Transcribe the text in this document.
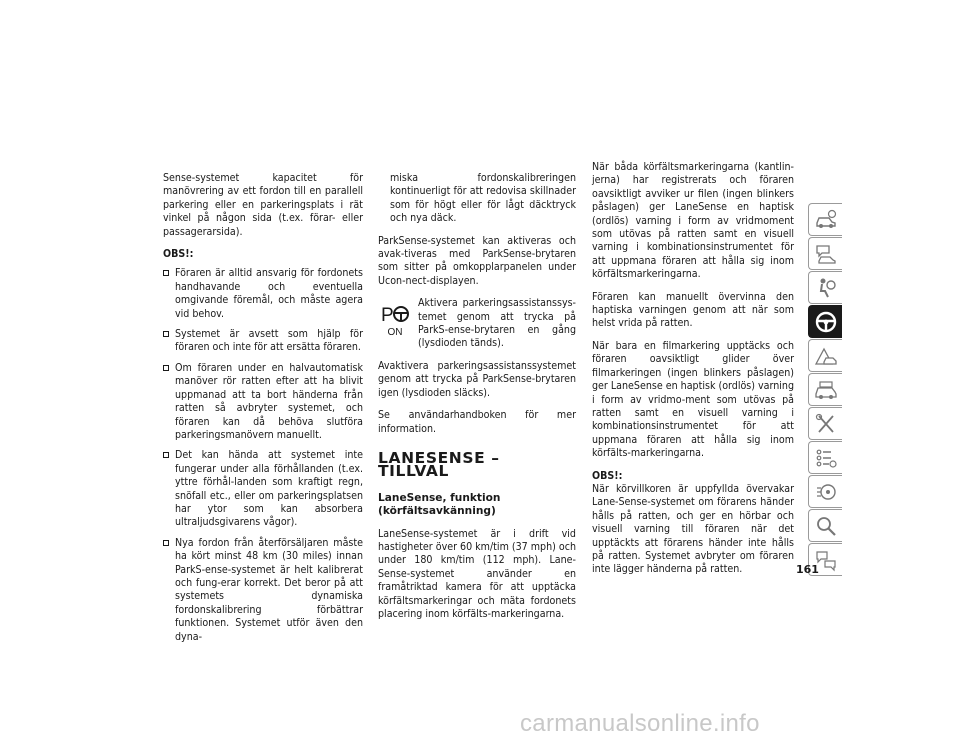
Sense-systemet kapacitet för manövrering av ett fordon till en parallell parkering eller en parkeringsplats i rät vinkel på någon sida (t.ex. förar- eller passagerarsida).

OBS!:
Föraren är alltid ansvarig för fordonets handhavande och eventuella omgivande föremål, och måste agera vid behov.
Systemet är avsett som hjälp för föraren och inte för att ersätta föraren.
Om föraren under en halvautomatisk manöver rör ratten efter att ha blivit uppmanad att ta bort händerna från ratten så avbryter systemet, och föraren kan då behöva slutföra parkeringsmanövern manuellt.
Det kan hända att systemet inte fungerar under alla förhållanden (t.ex. yttre förhål-landen som kraftigt regn, snöfall etc., eller om parkeringsplatsen har ytor som kan absorbera ultraljudsgivarens vågor).
Nya fordon från återförsäljaren måste ha kört minst 48 km (30 miles) innan ParkS-ense-systemet är helt kalibrerat och fung-erar korrekt. Det beror på att systemets dynamiska fordonskalibrering förbättrar funktionen. Systemet utför även den dyna-
miska fordonskalibreringen kontinuerligt för att redovisa skillnader som för högt eller för lågt däcktryck och nya däck.

ParkSense-systemet kan aktiveras och avak-tiveras med ParkSense-brytaren som sitter på omkopplarpanelen under Ucon-nect-displayen.

P
ON
Aktivera parkeringsassistanssys-temet genom att trycka på ParkS-ense-brytaren en gång (lysdioden tänds).

Avaktivera parkeringsassistanssystemet genom att trycka på ParkSense-brytaren igen (lysdioden släcks).

Se användarhandboken för mer information.

LANESENSE – TILLVAL
LaneSense, funktion (körfältsavkänning)

LaneSense-systemet är i drift vid hastigheter över 60 km/tim (37 mph) och under 180 km/tim (112 mph). Lane-Sense-systemet använder en framåtriktad kamera för att upptäcka körfältsmarkeringar och mäta fordonets placering inom körfälts-markeringarna.

När båda körfältsmarkeringarna (kantlin-jerna) har registrerats och föraren oavsiktligt avviker ur filen (ingen blinkers påslagen) ger LaneSense en haptisk (ordlös) varning i form av vridmoment som utövas på ratten samt en visuell varning i kombinationsinstrumentet för att uppmana föraren att hålla sig inom körfältsmarkeringarna.

Föraren kan manuellt övervinna den haptiska varningen genom att när som helst vrida på ratten.

När bara en filmarkering upptäcks och föraren oavsiktligt glider över filmarkeringen (ingen blinkers påslagen) ger LaneSense en haptisk (ordlös) varning i form av vridmo-ment som utövas på ratten samt en visuell varning i kombinationsinstrumentet för att uppmana föraren att hålla sig inom körfälts-markeringarna.

OBS!:

När körvillkoren är uppfyllda övervakar Lane-Sense-systemet om förarens händer hålls på ratten, och ger en hörbar och visuell varning till föraren när det upptäckts att förarens händer inte hålls på ratten. Systemet avbryter om föraren inte lägger händerna på ratten.	161
carmanualsonline.info
